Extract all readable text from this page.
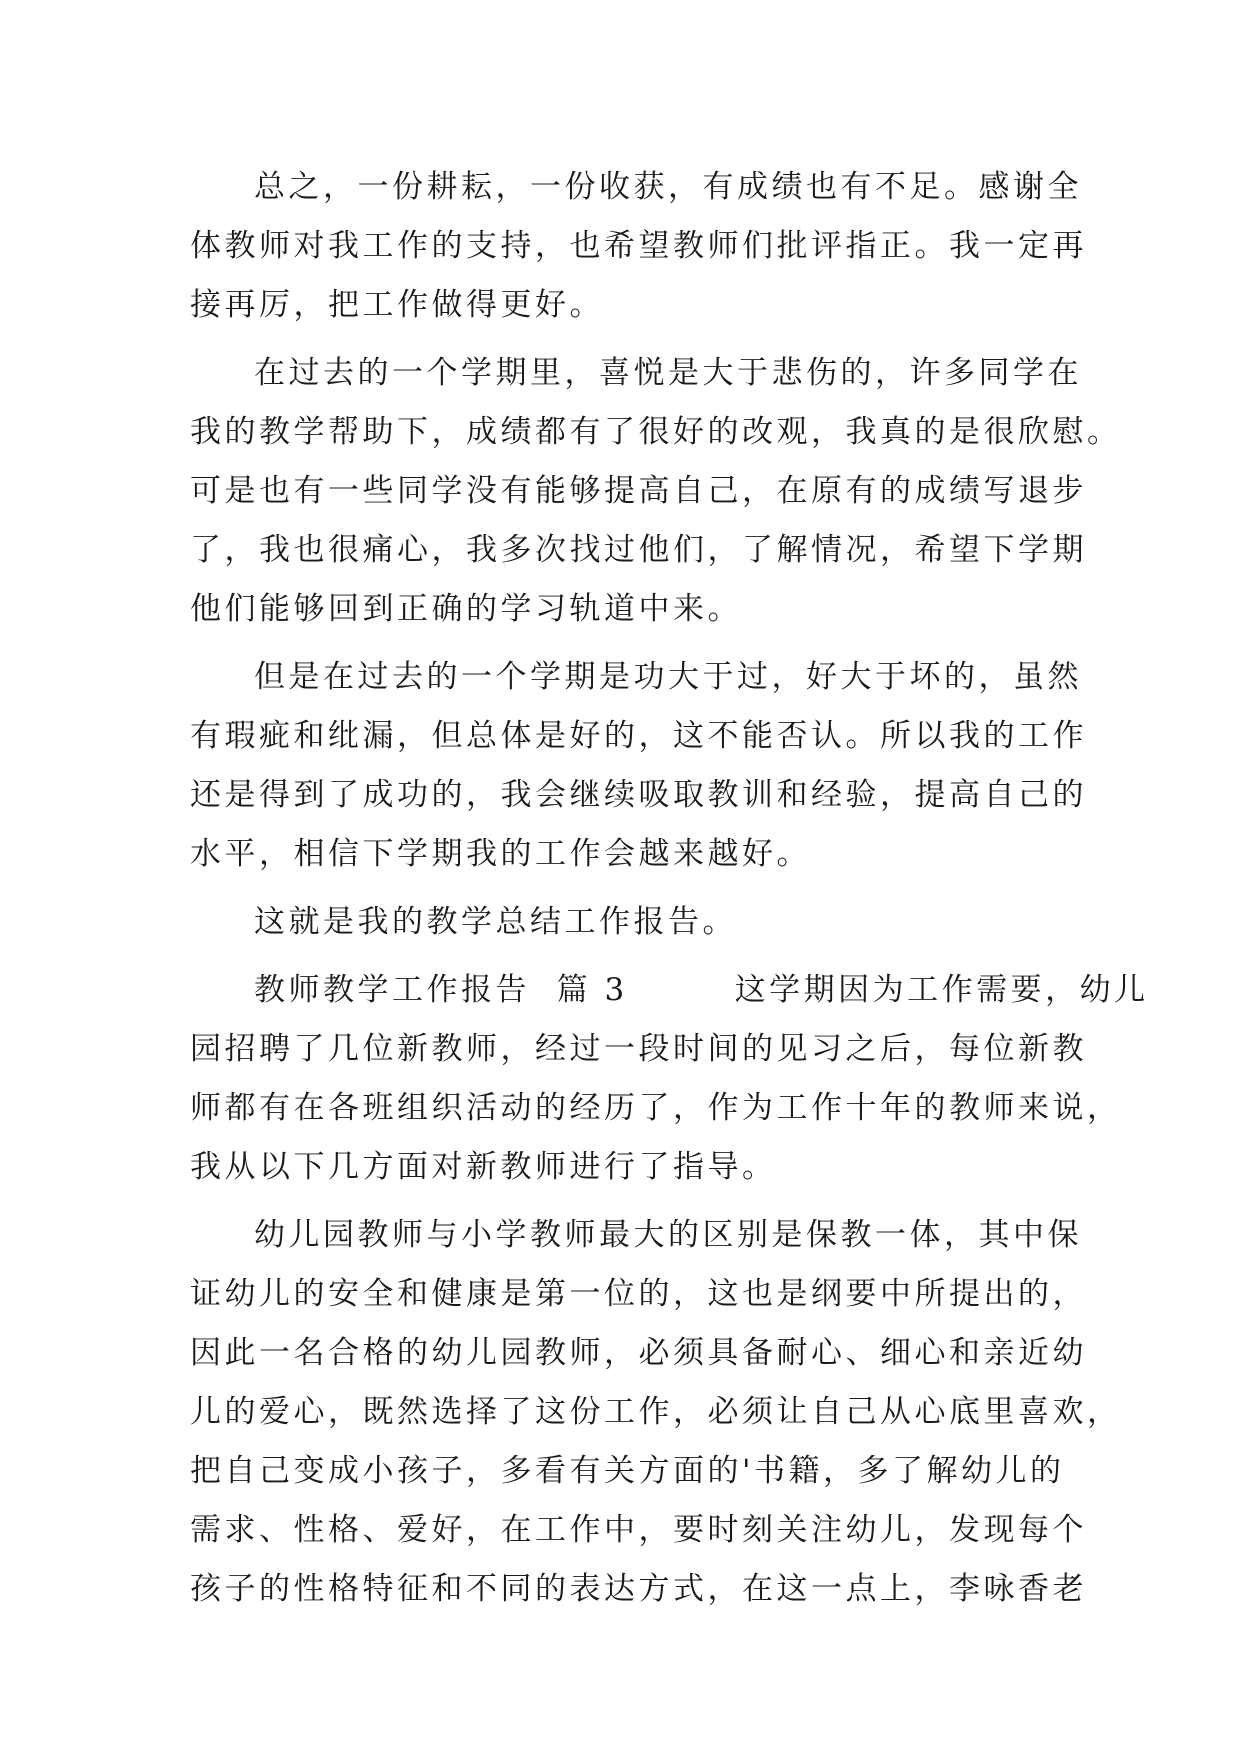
总之，一份耕耘，一份收获，有成绩也有不足。感谢全
体教师对我工作的支持，也希望教师们批评指正。我一定再
接再厉，把工作做得更好。
在过去的一个学期里，喜悦是大于悲伤的，许多同学在
我的教学帮助下，成绩都有了很好的改观，我真的是很欣慰。
可是也有一些同学没有能够提高自己，在原有的成绩写退步
了，我也很痛心，我多次找过他们，了解情况，希望下学期
他们能够回到正确的学习轨道中来。
但是在过去的一个学期是功大于过，好大于坏的，虽然
有瑕疵和纰漏，但总体是好的，这不能否认。所以我的工作
还是得到了成功的，我会继续吸取教训和经验，提高自己的
水平，相信下学期我的工作会越来越好。
这就是我的教学总结工作报告。
教师教学工作报告  篇 3        这学期因为工作需要，幼儿
园招聘了几位新教师，经过一段时间的见习之后，每位新教
师都有在各班组织活动的经历了，作为工作十年的教师来说，
我从以下几方面对新教师进行了指导。
幼儿园教师与小学教师最大的区别是保教一体，其中保
证幼儿的安全和健康是第一位的，这也是纲要中所提出的，
因此一名合格的幼儿园教师，必须具备耐心、细心和亲近幼
儿的爱心，既然选择了这份工作，必须让自己从心底里喜欢，
把自己变成小孩子，多看有关方面的'书籍，多了解幼儿的
需求、性格、爱好，在工作中，要时刻关注幼儿，发现每个
孩子的性格特征和不同的表达方式，在这一点上，李咏香老
